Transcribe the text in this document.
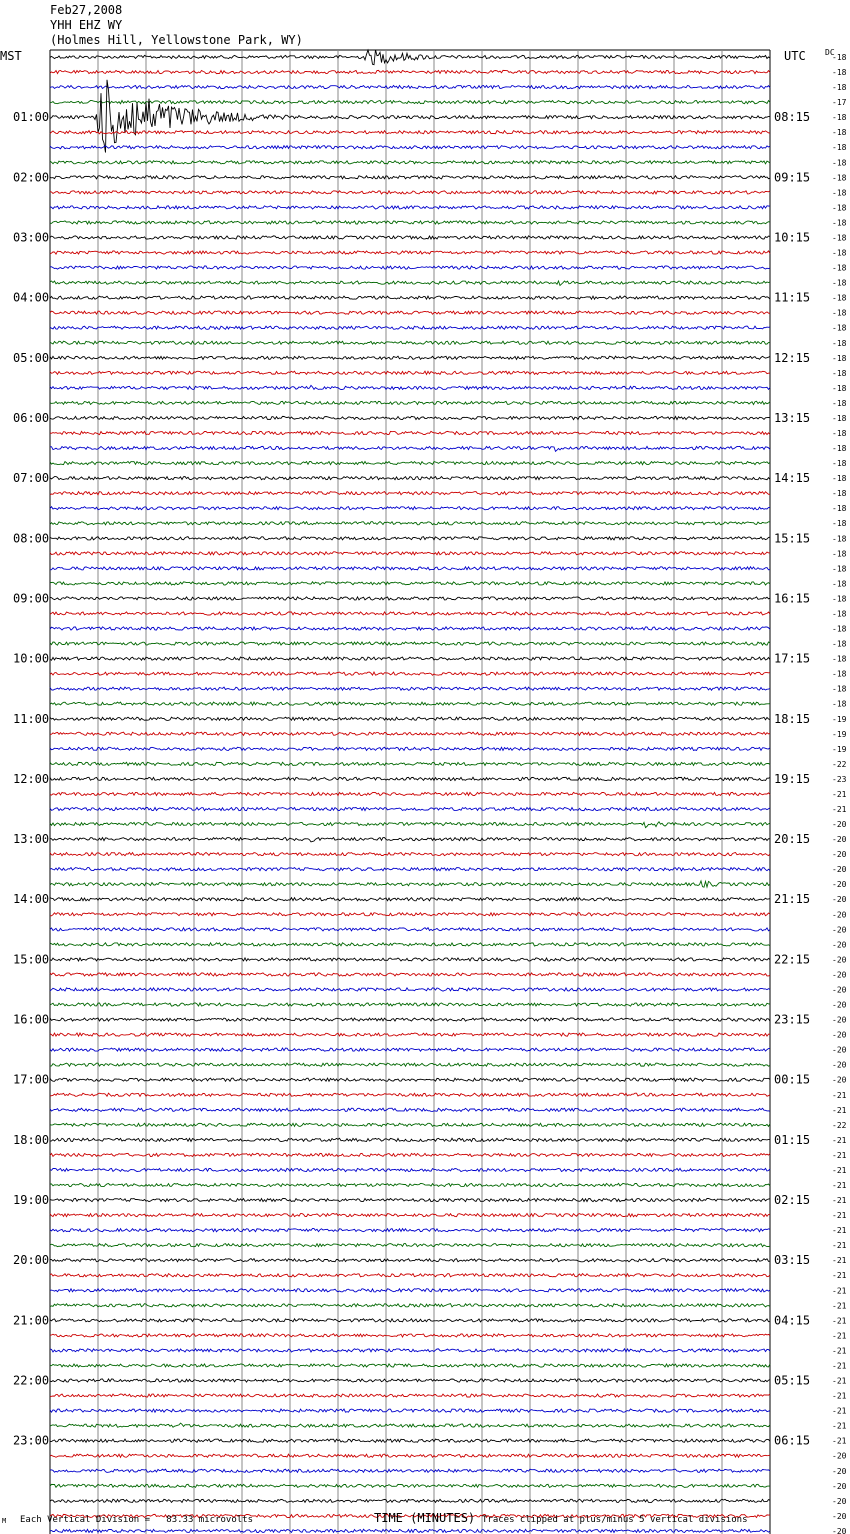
Feb27,2008
YHH EHZ WY
(Holmes Hill, Yellowstone Park, WY)
MST	UTC DC
-18
-18
-18
-17
-18
-18
-18
-18
-18
-18
-18
-18
-18
-18
-18
-18
-18
-18
-18
-18
-18
-18
-18
-18
-18
-18
-18
-18
-18
-18
-18
-18
-18
-18
-18
-18
-18
-18
-18
-18
-18
-18
-18
-18
-19
-19
-19
-22
-23
-21
-21
-20
-20
-20
-20
-20
-20
-20
-20
-20
-20
-20
-20
-20
-20
-20
-20
-20
-20
-21
-21
-22
-21
-21
-21
-21
-21
-21
-21
-21
-21
-21
-21
-21
-21
-21
-21
-21
-21
-21
-21
-21
-21
-20
-20
-20
-20
-20
-20
01:00	08:15
02:00	09:15
03:00	10:15
04:00	11:15
05:00	12:15
06:00	13:15
07:00	14:15
08:00	15:15
09:00	16:15
10:00	17:15
11:00	18:15
12:00	19:15
13:00	20:15
14:00	21:15
15:00	22:15
16:00	23:15
17:00	00:15
18:00	01:15
19:00	02:15
20:00	03:15
21:00	04:15
22:00	05:15
23:00	06:15
M Each Vertical Division =   83.33 microvolts	TIME (MINUTES) Traces clipped at plus/minus 5 vertical divisions
